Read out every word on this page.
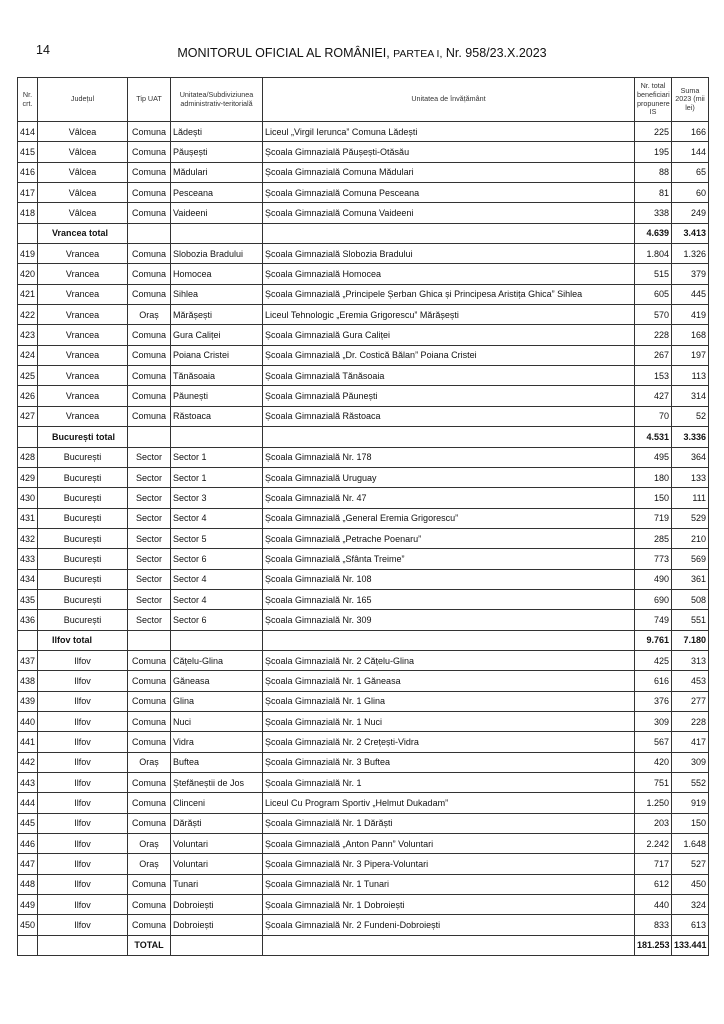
14	MONITORUL OFICIAL AL ROMÂNIEI, PARTEA I, Nr. 958/23.X.2023
Nr. crt.	Județul	Tip UAT	Unitatea/Subdiviziunea administrativ-teritorială	Unitatea de învățământ	Nr. total beneficiari propunere IS	Suma 2023 (mii lei)
414	Vâlcea	Comuna	Lădești	Liceul „Virgil Ierunca” Comuna Lădești	225	166
415	Vâlcea	Comuna	Păușești	Școala Gimnazială Păușești-Otăsău	195	144
416	Vâlcea	Comuna	Mădulari	Școala Gimnazială Comuna Mădulari	88	65
417	Vâlcea	Comuna	Pesceana	Școala Gimnazială Comuna Pesceana	81	60
418	Vâlcea	Comuna	Vaideeni	Școala Gimnazială Comuna Vaideeni	338	249
	Vrancea total				4.639	3.413
419	Vrancea	Comuna	Slobozia Bradului	Școala Gimnazială Slobozia Bradului	1.804	1.326
420	Vrancea	Comuna	Homocea	Școala Gimnazială Homocea	515	379
421	Vrancea	Comuna	Sihlea	Școala Gimnazială „Principele Șerban Ghica și Principesa Aristița Ghica” Sihlea	605	445
422	Vrancea	Oraș	Mărășești	Liceul Tehnologic „Eremia Grigorescu” Mărășești	570	419
423	Vrancea	Comuna	Gura Caliței	Școala Gimnazială Gura Caliței	228	168
424	Vrancea	Comuna	Poiana Cristei	Școala Gimnazială „Dr. Costică Bălan” Poiana Cristei	267	197
425	Vrancea	Comuna	Tănăsoaia	Școala Gimnazială Tănăsoaia	153	113
426	Vrancea	Comuna	Păunești	Școala Gimnazială Păunești	427	314
427	Vrancea	Comuna	Răstoaca	Școala Gimnazială Răstoaca	70	52
	București total				4.531	3.336
428	București	Sector	Sector 1	Școala Gimnazială Nr. 178	495	364
429	București	Sector	Sector 1	Școala Gimnazială Uruguay	180	133
430	București	Sector	Sector 3	Școala Gimnazială Nr. 47	150	111
431	București	Sector	Sector 4	Școala Gimnazială „General Eremia Grigorescu”	719	529
432	București	Sector	Sector 5	Școala Gimnazială „Petrache Poenaru”	285	210
433	București	Sector	Sector 6	Școala Gimnazială „Sfânta Treime”	773	569
434	București	Sector	Sector 4	Școala Gimnazială Nr. 108	490	361
435	București	Sector	Sector 4	Școala Gimnazială Nr. 165	690	508
436	București	Sector	Sector 6	Școala Gimnazială Nr. 309	749	551
	Ilfov total				9.761	7.180
437	Ilfov	Comuna	Cățelu-Glina	Școala Gimnazială Nr. 2 Cățelu-Glina	425	313
438	Ilfov	Comuna	Găneasa	Școala Gimnazială Nr. 1 Găneasa	616	453
439	Ilfov	Comuna	Glina	Școala Gimnazială Nr. 1 Glina	376	277
440	Ilfov	Comuna	Nuci	Școala Gimnazială Nr. 1 Nuci	309	228
441	Ilfov	Comuna	Vidra	Școala Gimnazială Nr. 2 Crețești-Vidra	567	417
442	Ilfov	Oraș	Buftea	Școala Gimnazială Nr. 3 Buftea	420	309
443	Ilfov	Comuna	Ștefăneștii de Jos	Școala Gimnazială Nr. 1	751	552
444	Ilfov	Comuna	Clinceni	Liceul Cu Program Sportiv „Helmut Dukadam”	1.250	919
445	Ilfov	Comuna	Dărăști	Școala Gimnazială Nr. 1 Dărăști	203	150
446	Ilfov	Oraș	Voluntari	Școala Gimnazială „Anton Pann” Voluntari	2.242	1.648
447	Ilfov	Oraș	Voluntari	Școala Gimnazială Nr. 3 Pipera-Voluntari	717	527
448	Ilfov	Comuna	Tunari	Școala Gimnazială Nr. 1 Tunari	612	450
449	Ilfov	Comuna	Dobroiești	Școala Gimnazială Nr. 1 Dobroiești	440	324
450	Ilfov	Comuna	Dobroiești	Școala Gimnazială Nr. 2 Fundeni-Dobroiești	833	613
		TOTAL			181.253	133.441
